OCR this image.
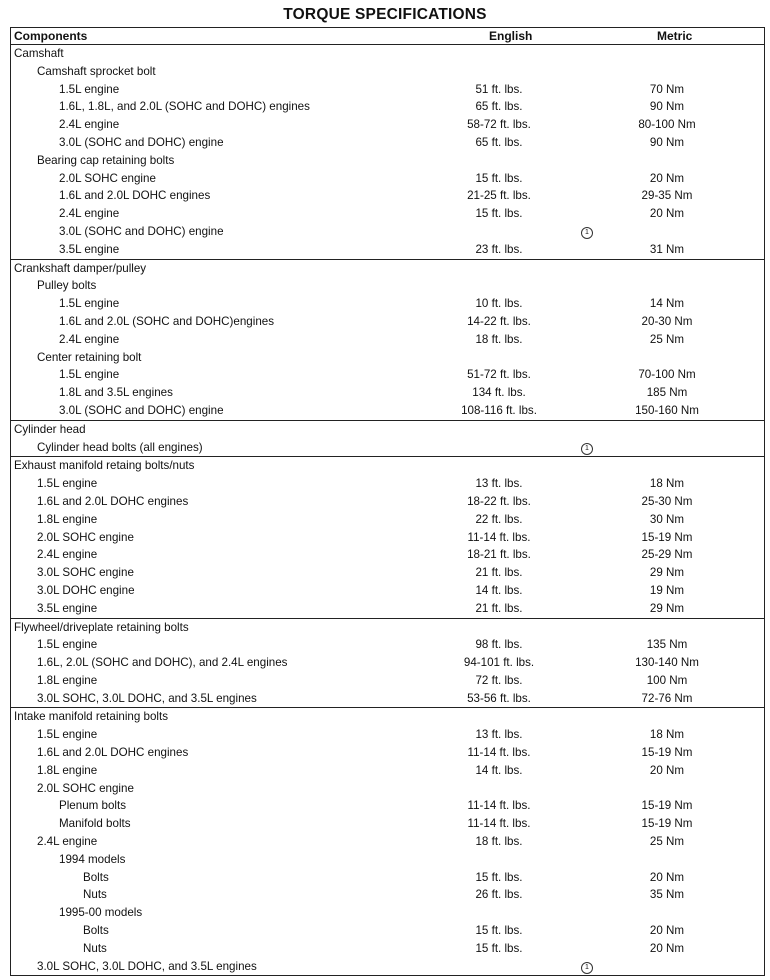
TORQUE SPECIFICATIONS
Components	English	Metric
Camshaft
Camshaft sprocket bolt
1.5L engine	51 ft. lbs.	70 Nm
1.6L, 1.8L, and 2.0L (SOHC and DOHC) engines	65 ft. lbs.	90 Nm
2.4L engine	58-72 ft. lbs.	80-100 Nm
3.0L (SOHC and DOHC) engine	65 ft. lbs.	90 Nm
Bearing cap retaining bolts
2.0L SOHC engine	15 ft. lbs.	20 Nm
1.6L and 2.0L DOHC engines	21-25 ft. lbs.	29-35 Nm
2.4L engine	15 ft. lbs.	20 Nm
3.0L (SOHC and DOHC) engine	1
3.5L engine	23 ft. lbs.	31 Nm
Crankshaft damper/pulley
Pulley bolts
1.5L engine	10 ft. lbs.	14 Nm
1.6L and 2.0L (SOHC and DOHC)engines	14-22 ft. lbs.	20-30 Nm
2.4L engine	18 ft. lbs.	25 Nm
Center retaining bolt
1.5L engine	51-72 ft. lbs.	70-100 Nm
1.8L and 3.5L engines	134 ft. lbs.	185 Nm
3.0L (SOHC and DOHC) engine	108-116 ft. lbs.	150-160 Nm
Cylinder head
Cylinder head bolts (all engines)	1
Exhaust manifold retaing bolts/nuts
1.5L engine	13 ft. lbs.	18 Nm
1.6L and 2.0L DOHC engines	18-22 ft. lbs.	25-30 Nm
1.8L engine	22 ft. lbs.	30 Nm
2.0L SOHC engine	11-14 ft. lbs.	15-19 Nm
2.4L engine	18-21 ft. lbs.	25-29 Nm
3.0L SOHC engine	21 ft. lbs.	29 Nm
3.0L DOHC engine	14 ft. lbs.	19 Nm
3.5L engine	21 ft. lbs.	29 Nm
Flywheel/driveplate retaining bolts
1.5L engine	98 ft. lbs.	135 Nm
1.6L, 2.0L (SOHC and DOHC), and 2.4L engines	94-101 ft. lbs.	130-140 Nm
1.8L engine	72 ft. lbs.	100 Nm
3.0L SOHC, 3.0L DOHC, and 3.5L engines	53-56 ft. lbs.	72-76 Nm
Intake manifold retaining bolts
1.5L engine	13 ft. lbs.	18 Nm
1.6L and 2.0L DOHC engines	11-14 ft. lbs.	15-19 Nm
1.8L engine	14 ft. lbs.	20 Nm
2.0L SOHC engine
Plenum bolts	11-14 ft. lbs.	15-19 Nm
Manifold bolts	11-14 ft. lbs.	15-19 Nm
2.4L engine	18 ft. lbs.	25 Nm
1994 models
Bolts	15 ft. lbs.	20 Nm
Nuts	26 ft. lbs.	35 Nm
1995-00 models
Bolts	15 ft. lbs.	20 Nm
Nuts	15 ft. lbs.	20 Nm
3.0L SOHC, 3.0L DOHC, and 3.5L engines	1
